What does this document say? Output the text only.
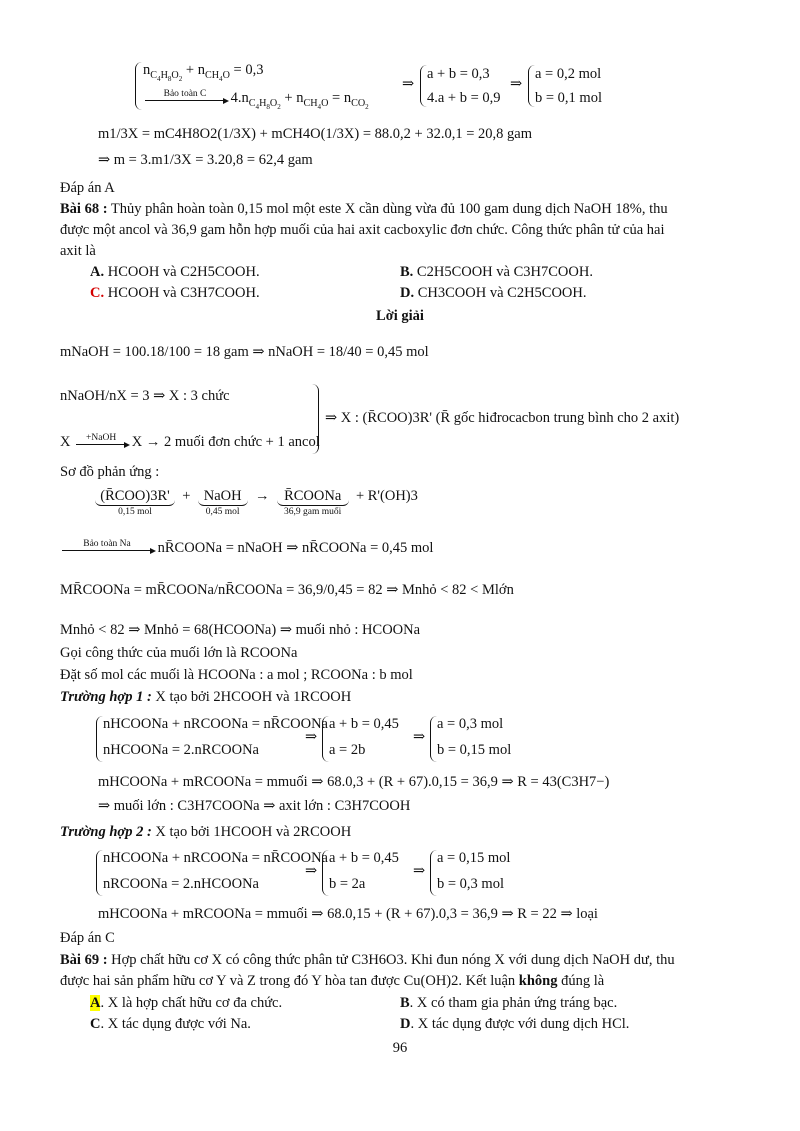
$n_{C_4H_8O_2} + n_{CH_4O} = 0,3$
Bảo toàn C $4.n_{C_4H_8O_2} + n_{CH_4O} = n_{CO_2}$
⇒
a + b = 0,3
4.a + b = 0,9
⇒
a = 0,2 mol
b = 0,1 mol
m1/3X = mC4H8O2(1/3X) + mCH4O(1/3X) = 88.0,2 + 32.0,1 = 20,8 gam
⇒ m = 3.m1/3X = 3.20,8 = 62,4 gam
Đáp án A
Bài 68 : Thủy phân hoàn toàn 0,15 mol một este X cần dùng vừa đủ 100 gam dung dịch NaOH 18%, thu
được một ancol và 36,9 gam hỗn hợp muối của hai axit cacboxylic đơn chức. Công thức phân tử của hai
axit là
A. HCOOH và C2H5COOH.	B. C2H5COOH và C3H7COOH.
C. HCOOH và C3H7COOH.	D. CH3COOH và C2H5COOH.
Lời giải
mNaOH = 100.18/100 = 18 gam ⇒ nNaOH = 18/40 = 0,45 mol
nNaOH/nX = 3 ⇒ X : 3 chức
X +NaOH X → 2 muối đơn chức + 1 ancol
⇒ X : (R̄COO)3R' (R̄ gốc hiđrocacbon trung bình cho 2 axit)
Sơ đồ phản ứng :
(R̄COO)3R'
0,15 mol
+  NaOH
0,45 mol
→  R̄COONa
36,9 gam muối
+ R'(OH)3
Bảo toàn Na nR̄COONa = nNaOH ⇒ nR̄COONa = 0,45 mol
MR̄COONa = mR̄COONa/nR̄COONa = 36,9/0,45 = 82 ⇒ Mnhỏ < 82 < Mlớn
Mnhỏ < 82 ⇒ Mnhỏ = 68(HCOONa) ⇒ muối nhỏ : HCOONa
Gọi công thức của muối lớn là RCOONa
Đặt số mol các muối là HCOONa : a mol ; RCOONa : b mol
Trường hợp 1 : X tạo bởi 2HCOOH và 1RCOOH
nHCOONa + nRCOONa = nR̄COONa
nHCOONa = 2.nRCOONa
⇒
a + b = 0,45
a = 2b
⇒
a = 0,3 mol
b = 0,15 mol
mHCOONa + mRCOONa = mmuối ⇒ 68.0,3 + (R + 67).0,15 = 36,9 ⇒ R = 43(C3H7−)
⇒ muối lớn : C3H7COONa ⇒ axit lớn : C3H7COOH
Trường hợp 2 : X tạo bởi 1HCOOH và 2RCOOH
nHCOONa + nRCOONa = nR̄COONa
nRCOONa = 2.nHCOONa
⇒
a + b = 0,45
b = 2a
⇒
a = 0,15 mol
b = 0,3 mol
mHCOONa + mRCOONa = mmuối ⇒ 68.0,15 + (R + 67).0,3 = 36,9 ⇒ R = 22 ⇒ loại
Đáp án C
Bài 69 : Hợp chất hữu cơ X có công thức phân tử C3H6O3. Khi đun nóng X với dung dịch NaOH dư, thu
được hai sản phẩm hữu cơ Y và Z trong đó Y hòa tan được Cu(OH)2. Kết luận không đúng là
A. X là hợp chất hữu cơ đa chức.	B. X có tham gia phản ứng tráng bạc.
C. X tác dụng được với Na.	D. X tác dụng được với dung dịch HCl.
96
